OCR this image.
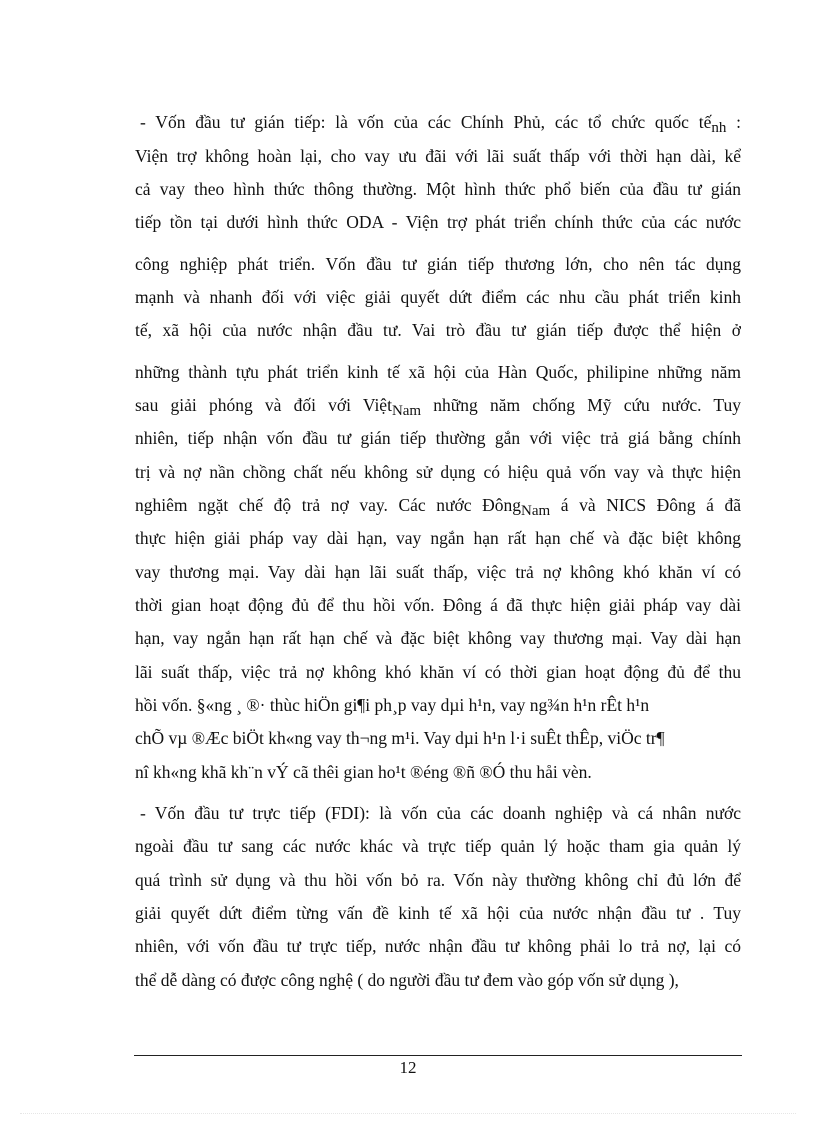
- Vốn đầu tư gián tiếp: là vốn của các Chính Phủ, các tổ chức quốc tếnh :
Viện trợ không hoàn lại, cho vay ưu đãi với lãi suất thấp với thời hạn dài, kể
cả vay theo hình thức thông thường. Một hình thức phổ biến của đầu tư gián
tiếp tồn tại dưới hình thức ODA - Viện trợ phát triển chính thức của các nước
công nghiệp phát triển. Vốn đầu tư gián tiếp thương lớn, cho nên tác dụng
mạnh và nhanh đối với việc giải quyết dứt điểm các nhu cầu phát triển kinh
tế, xã hội của nước nhận đầu tư. Vai trò đầu tư gián tiếp được thể hiện ở
những thành tựu phát triển kinh tế xã hội của Hàn Quốc, philipine những năm
sau giải phóng và đối với ViệtNam những năm chống Mỹ cứu nước. Tuy
nhiên, tiếp nhận vốn đầu tư gián tiếp thường gắn với việc trả giá bằng chính
trị và nợ nần chồng chất nếu không sử dụng có hiệu quả vốn vay và thực hiện
nghiêm ngặt chế độ trả nợ vay. Các nước ĐôngNam á và NICS Đông á đã
thực hiện giải pháp vay dài hạn, vay ngắn hạn rất hạn chế và đặc biệt không
vay thương mại. Vay dài hạn lãi suất thấp, việc trả nợ không khó khăn ví có
thời gian hoạt động đủ để thu hồi vốn. Đông á đã thực hiện giải pháp vay dài
hạn, vay ngắn hạn rất hạn chế và đặc biệt không vay thương mại. Vay dài hạn
lãi suất thấp, việc trả nợ không khó khăn ví có thời gian hoạt động đủ để thu
hồi vốn. §«ng ¸ ®· thùc hiÖn gi¶i ph¸p vay dµi h¹n, vay ng¾n h¹n rÊt h¹n
chÕ vµ ®Æc biÖt kh«ng vay th¬ng m¹i. Vay dµi h¹n l·i suÊt thÊp, viÖc tr¶
nî kh«ng khã kh¨n vÝ cã thêi gian ho¹t ®éng ®ñ ®Ó thu håi vèn.
- Vốn đầu tư trực tiếp (FDI): là vốn của các doanh nghiệp và cá nhân nước
ngoài đầu tư sang các nước khác và trực tiếp quản lý hoặc tham gia quản lý
quá trình sử dụng và thu hồi vốn bỏ ra. Vốn này thường không chỉ đủ lớn để
giải quyết dứt điểm từng vấn đề kinh tế xã hội của nước nhận đầu tư . Tuy
nhiên, với vốn đầu tư trực tiếp, nước nhận đầu tư không phải lo trả nợ, lại có
thể dễ dàng có được công nghệ ( do người đầu tư đem vào góp vốn sử dụng ),
12
